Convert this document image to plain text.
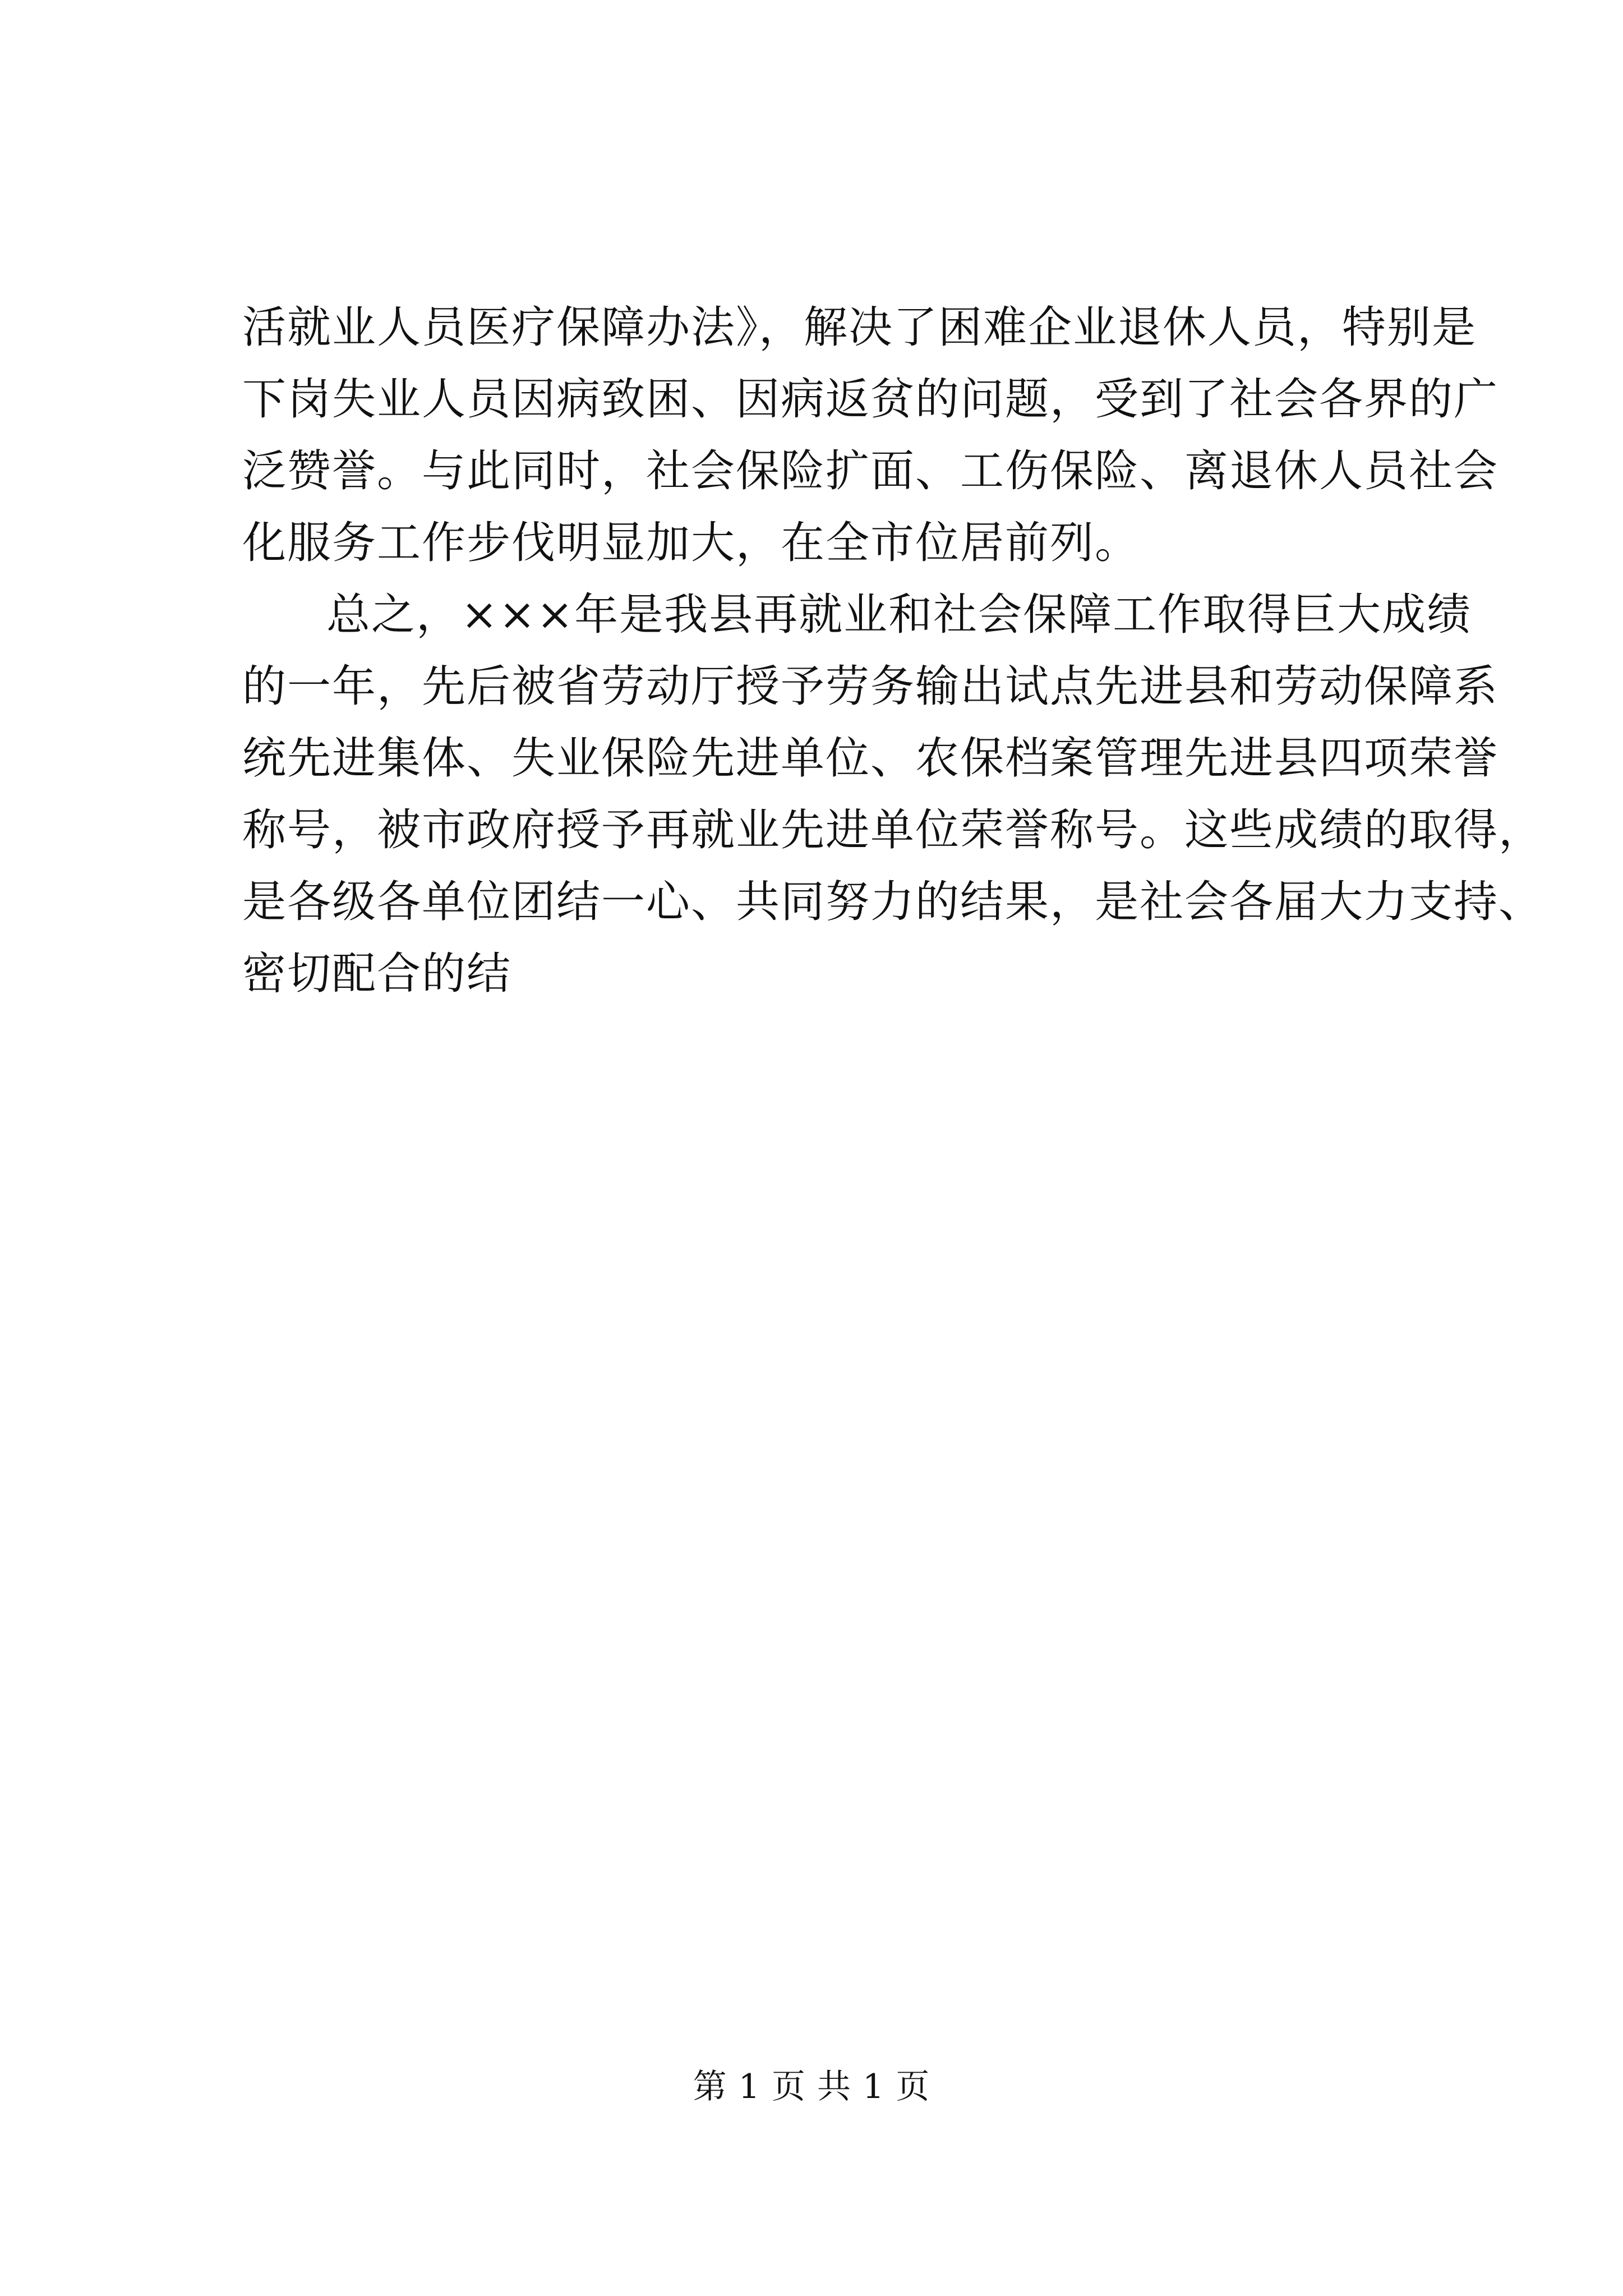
活就业人员医疗保障办法》，解决了困难企业退休人员，特别是
下岗失业人员因病致困、因病返贫的问题，受到了社会各界的广
泛赞誉。与此同时，社会保险扩面、工伤保险、离退休人员社会
化服务工作步伐明显加大，在全市位居前列。
总之，×××年是我县再就业和社会保障工作取得巨大成绩
的一年，先后被省劳动厅授予劳务输出试点先进县和劳动保障系
统先进集体、失业保险先进单位、农保档案管理先进县四项荣誉
称号，被市政府授予再就业先进单位荣誉称号。这些成绩的取得，
是各级各单位团结一心、共同努力的结果，是社会各届大力支持、
密切配合的结
第 1 页 共 1 页
